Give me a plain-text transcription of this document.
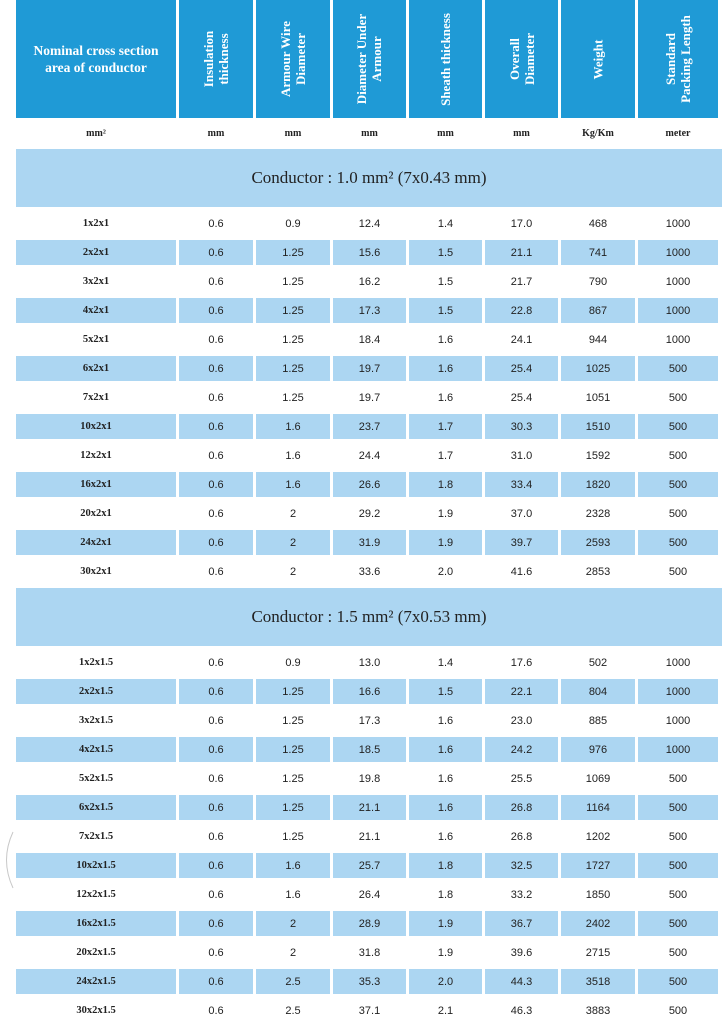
Nominal cross section
area of conductor	Insulation thickness	Armour Wire Diameter	Diameter Under Armour	Sheath thickness	Overall Diameter	Weight	Standard Packing Length
mm²	mm	mm	mm	mm	mm	Kg/Km	meter
Conductor : 1.0 mm² (7x0.43 mm)
1x2x1	0.6	0.9	12.4	1.4	17.0	468	1000
2x2x1	0.6	1.25	15.6	1.5	21.1	741	1000
3x2x1	0.6	1.25	16.2	1.5	21.7	790	1000
4x2x1	0.6	1.25	17.3	1.5	22.8	867	1000
5x2x1	0.6	1.25	18.4	1.6	24.1	944	1000
6x2x1	0.6	1.25	19.7	1.6	25.4	1025	500
7x2x1	0.6	1.25	19.7	1.6	25.4	1051	500
10x2x1	0.6	1.6	23.7	1.7	30.3	1510	500
12x2x1	0.6	1.6	24.4	1.7	31.0	1592	500
16x2x1	0.6	1.6	26.6	1.8	33.4	1820	500
20x2x1	0.6	2	29.2	1.9	37.0	2328	500
24x2x1	0.6	2	31.9	1.9	39.7	2593	500
30x2x1	0.6	2	33.6	2.0	41.6	2853	500
Conductor : 1.5 mm² (7x0.53 mm)
1x2x1.5	0.6	0.9	13.0	1.4	17.6	502	1000
2x2x1.5	0.6	1.25	16.6	1.5	22.1	804	1000
3x2x1.5	0.6	1.25	17.3	1.6	23.0	885	1000
4x2x1.5	0.6	1.25	18.5	1.6	24.2	976	1000
5x2x1.5	0.6	1.25	19.8	1.6	25.5	1069	500
6x2x1.5	0.6	1.25	21.1	1.6	26.8	1164	500
7x2x1.5	0.6	1.25	21.1	1.6	26.8	1202	500
10x2x1.5	0.6	1.6	25.7	1.8	32.5	1727	500
12x2x1.5	0.6	1.6	26.4	1.8	33.2	1850	500
16x2x1.5	0.6	2	28.9	1.9	36.7	2402	500
20x2x1.5	0.6	2	31.8	1.9	39.6	2715	500
24x2x1.5	0.6	2.5	35.3	2.0	44.3	3518	500
30x2x1.5	0.6	2.5	37.1	2.1	46.3	3883	500
